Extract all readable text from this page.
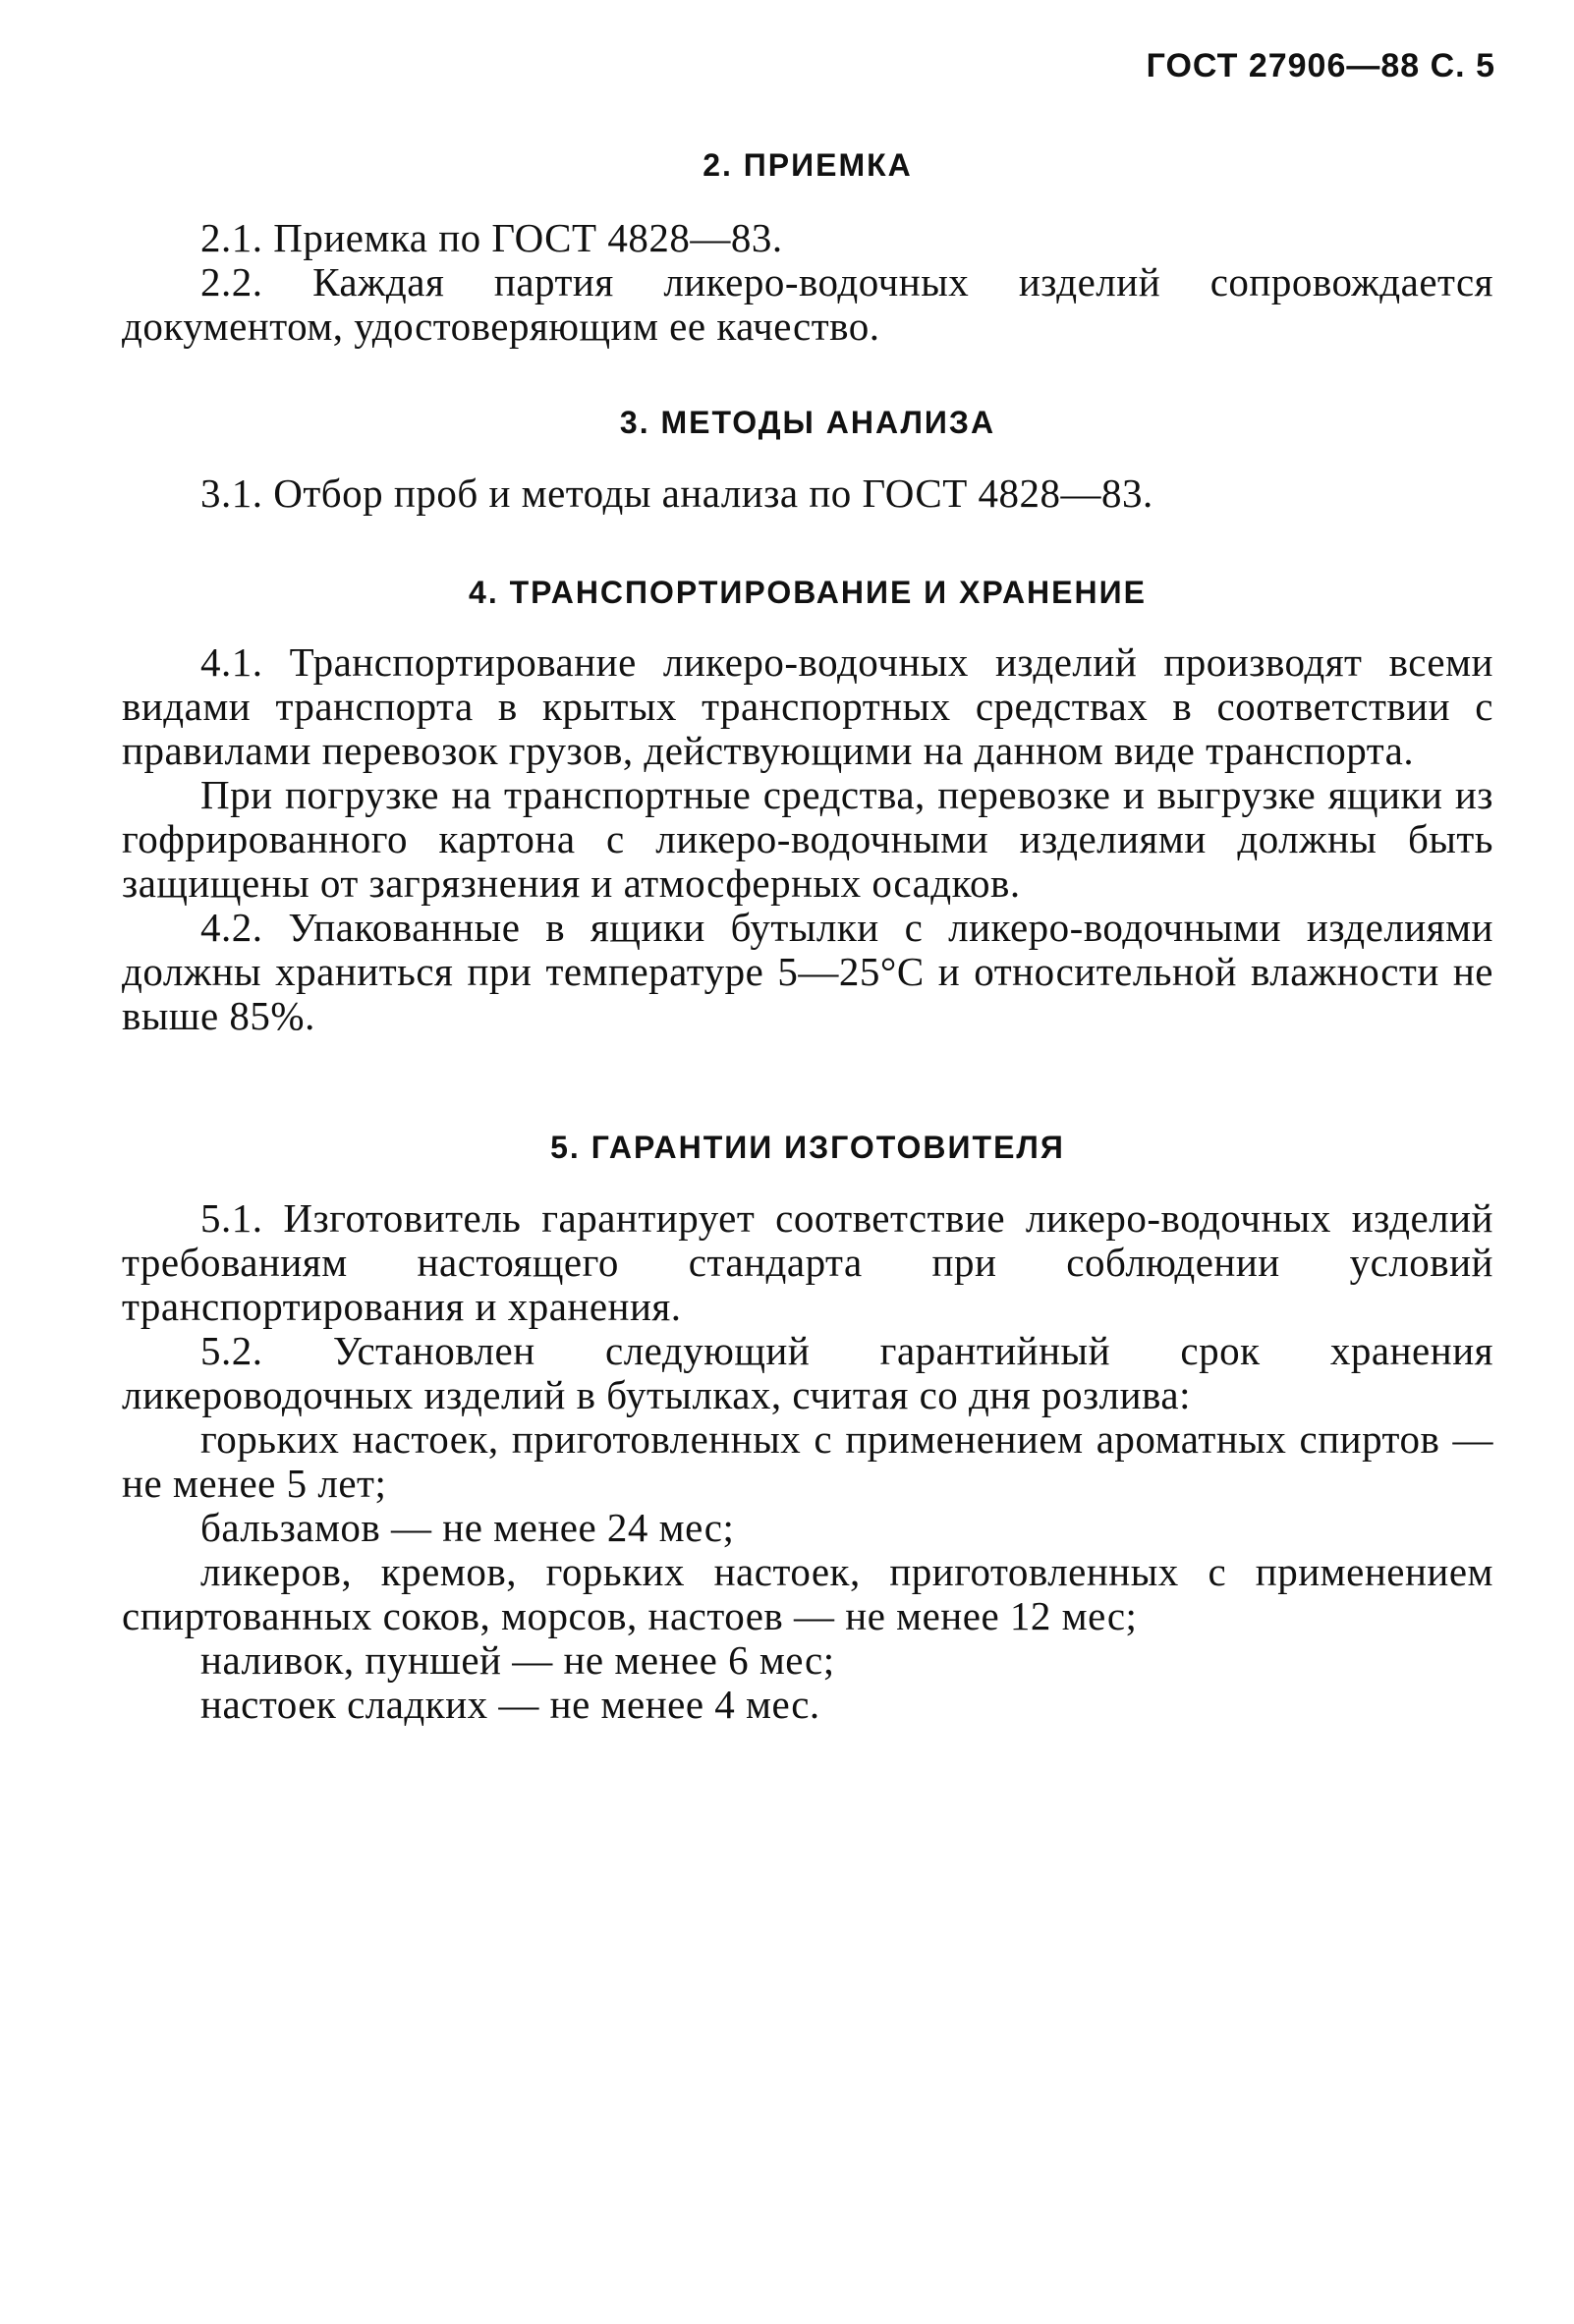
ГОСТ 27906—88 С. 5
2. ПРИЕМКА

2.1. Приемка по ГОСТ 4828—83.

2.2. Каждая партия ликеро-водочных изделий сопровождается документом, удостоверяющим ее качество.

3. МЕТОДЫ АНАЛИЗА

3.1. Отбор проб и методы анализа по ГОСТ 4828—83.

4. ТРАНСПОРТИРОВАНИЕ И ХРАНЕНИЕ

4.1. Транспортирование ликеро-водочных изделий производят всеми видами транспорта в крытых транспортных средствах в соответствии с правилами перевозок грузов, действующими на данном виде транспорта.

При погрузке на транспортные средства, перевозке и выгрузке ящики из гофрированного картона с ликеро-водочными изделиями должны быть защищены от загрязнения и атмосферных осадков.

4.2. Упакованные в ящики бутылки с ликеро-водочными изделиями должны храниться при температуре 5—25°С и относительной влажности не выше 85%.

5. ГАРАНТИИ ИЗГОТОВИТЕЛЯ

5.1. Изготовитель гарантирует соответствие ликеро-водочных изделий требованиям настоящего стандарта при соблюдении условий транспортирования и хранения.

5.2. Установлен следующий гарантийный срок хранения ликероводочных изделий в бутылках, считая со дня розлива:

горьких настоек, приготовленных с применением ароматных спиртов — не менее 5 лет;

бальзамов — не менее 24 мес;

ликеров, кремов, горьких настоек, приготовленных с применением спиртованных соков, морсов, настоев — не менее 12 мес;

наливок, пуншей — не менее 6 мес;

настоек сладких — не менее 4 мес.
